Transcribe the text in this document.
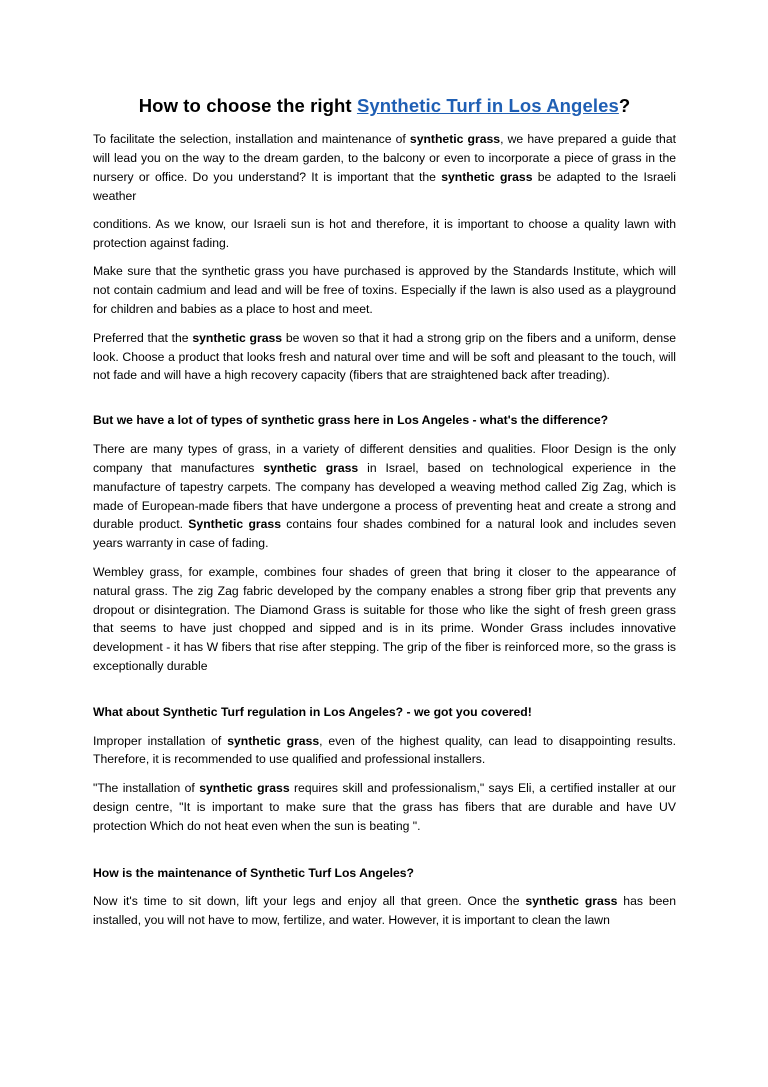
How to choose the right Synthetic Turf in Los Angeles?

To facilitate the selection, installation and maintenance of synthetic grass, we have prepared a guide that will lead you on the way to the dream garden, to the balcony or even to incorporate a piece of grass in the nursery or office. Do you understand? It is important that the synthetic grass be adapted to the Israeli weather

conditions. As we know, our Israeli sun is hot and therefore, it is important to choose a quality lawn with protection against fading.

Make sure that the synthetic grass you have purchased is approved by the Standards Institute, which will not contain cadmium and lead and will be free of toxins. Especially if the lawn is also used as a playground for children and babies as a place to host and meet.

Preferred that the synthetic grass be woven so that it had a strong grip on the fibers and a uniform, dense look. Choose a product that looks fresh and natural over time and will be soft and pleasant to the touch, will not fade and will have a high recovery capacity (fibers that are straightened back after treading).

But we have a lot of types of synthetic grass here in Los Angeles - what's the difference?

There are many types of grass, in a variety of different densities and qualities. Floor Design is the only company that manufactures synthetic grass in Israel, based on technological experience in the manufacture of tapestry carpets. The company has developed a weaving method called Zig Zag, which is made of European-made fibers that have undergone a process of preventing heat and create a strong and durable product. Synthetic grass contains four shades combined for a natural look and includes seven years warranty in case of fading.

Wembley grass, for example, combines four shades of green that bring it closer to the appearance of natural grass. The zig Zag fabric developed by the company enables a strong fiber grip that prevents any dropout or disintegration. The Diamond Grass is suitable for those who like the sight of fresh green grass that seems to have just chopped and sipped and is in its prime. Wonder Grass includes innovative development - it has W fibers that rise after stepping. The grip of the fiber is reinforced more, so the grass is exceptionally durable

What about Synthetic Turf regulation in Los Angeles? - we got you covered!

Improper installation of synthetic grass, even of the highest quality, can lead to disappointing results. Therefore, it is recommended to use qualified and professional installers.

"The installation of synthetic grass requires skill and professionalism," says Eli, a certified installer at our design centre, "It is important to make sure that the grass has fibers that are durable and have UV protection Which do not heat even when the sun is beating ".

How is the maintenance of Synthetic Turf Los Angeles?

Now it's time to sit down, lift your legs and enjoy all that green. Once the synthetic grass has been installed, you will not have to mow, fertilize, and water. However, it is important to clean the lawn
